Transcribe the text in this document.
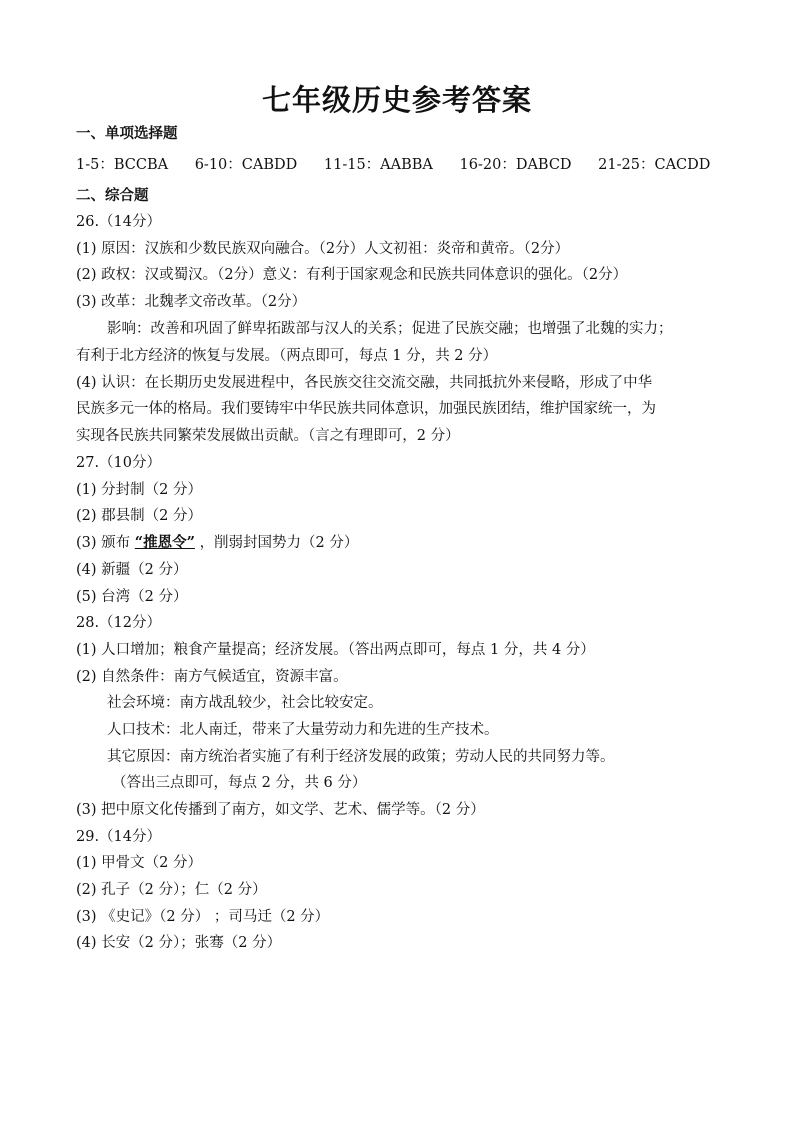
七年级历史参考答案
一、单项选择题
1-5：BCCBA 6-10：CABDD 11-15：AABBA 16-20：DABCD 21-25：CACDD
二、综合题
26.（14分）
(1) 原因：汉族和少数民族双向融合。（2分）人文初祖：炎帝和黄帝。（2分）
(2) 政权：汉或蜀汉。（2分）意义：有利于国家观念和民族共同体意识的强化。（2分）
(3) 改革：北魏孝文帝改革。（2分）
影响：改善和巩固了鲜卑拓跋部与汉人的关系；促进了民族交融；也增强了北魏的实力；
有利于北方经济的恢复与发展。（两点即可，每点 1 分，共 2 分）
(4) 认识：在长期历史发展进程中，各民族交往交流交融，共同抵抗外来侵略，形成了中华
民族多元一体的格局。我们要铸牢中华民族共同体意识，加强民族团结，维护国家统一，为
实现各民族共同繁荣发展做出贡献。（言之有理即可，2 分）
27.（10分）
(1) 分封制（2 分）
(2) 郡县制（2 分）
(3) 颁布 “推恩令” ，削弱封国势力（2 分）
(4) 新疆（2 分）
(5) 台湾（2 分）
28.（12分）
(1) 人口增加；粮食产量提高；经济发展。（答出两点即可，每点 1 分，共 4 分）
(2) 自然条件：南方气候适宜，资源丰富。
社会环境：南方战乱较少，社会比较安定。
人口技术：北人南迁，带来了大量劳动力和先进的生产技术。
其它原因：南方统治者实施了有利于经济发展的政策；劳动人民的共同努力等。
（答出三点即可，每点 2 分，共 6 分）
(3) 把中原文化传播到了南方，如文学、艺术、儒学等。（2 分）
29.（14分）
(1) 甲骨文（2 分）
(2) 孔子（2 分）；仁（2 分）
(3) 《史记》（2 分） ；司马迁（2 分）
(4) 长安（2 分）；张骞（2 分）
